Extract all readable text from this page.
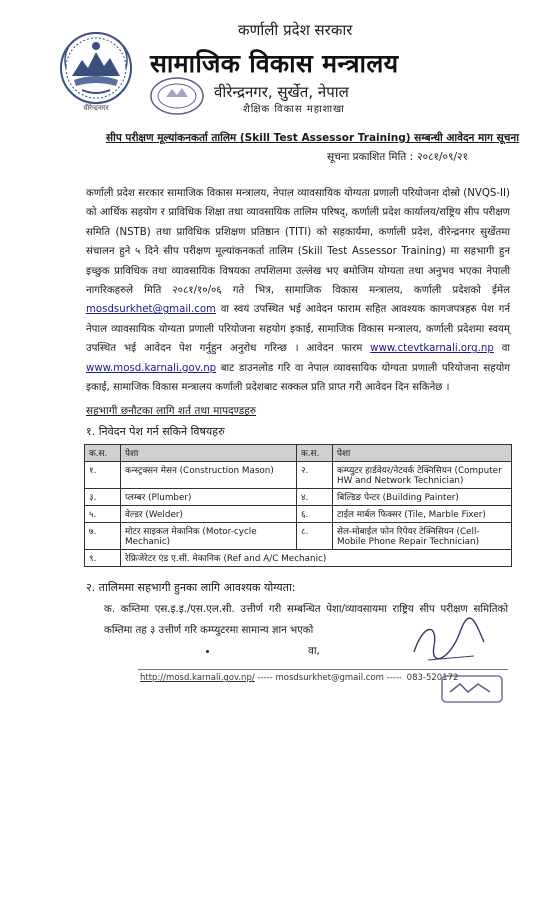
वीरेन्द्रनगर
कर्णाली प्रदेश सरकार
सामाजिक विकास मन्त्रालय
वीरेन्द्रनगर, सुर्खेत, नेपाल
शैक्षिक विकास महाशाखा
सीप परीक्षण मूल्यांकनकर्ता तालिम (Skill Test Assessor Training) सम्बन्धी आवेदन माग सूचना
सूचना प्रकाशित मिति : २०८१/०९/२१
कर्णाली प्रदेश सरकार सामाजिक विकास मन्त्रालय, नेपाल व्यावसायिक योग्यता प्रणाली परियोजना दोस्रो (NVQS-II) को आर्थिक सहयोग र प्राविधिक शिक्षा तथा व्यावसायिक तालिम परिषद्, कर्णाली प्रदेश कार्यालय/राष्ट्रिय सीप परीक्षण समिति (NSTB) तथा प्राविधिक प्रशिक्षण प्रतिष्ठान (TITI) को सहकार्यमा, कर्णाली प्रदेश, वीरेन्द्रनगर सुर्खेतमा संचालन हुने ५ दिने सीप परीक्षण मूल्यांकनकर्ता तालिम (Skill Test Assessor Training) मा सहभागी हुन इच्छुक प्राविधिक तथा व्यावसायिक विषयका तपशिलमा उल्लेख भए बमोजिम योग्यता तथा अनुभव भएका नेपाली नागरिकहरुले मिति २०८१/१०/०६ गते भित्र, सामाजिक विकास मन्त्रालय, कर्णाली प्रदेशको ईमेल mosdsurkhet@gmail.com वा स्वयं उपस्थित भई आवेदन फाराम सहित आवश्यक कागजपत्रहरु पेश गर्न नेपाल व्यावसायिक योग्यता प्रणाली परियोजना सहयोग इकाई, सामाजिक विकास मन्त्रालय, कर्णाली प्रदेशमा स्वयम् उपस्थित भई आवेदन पेश गर्नुहुन अनुरोध गरिन्छ । आवेदन फारम www.ctevtkarnali.org.np वा www.mosd.karnali.gov.np बाट डाउनलोड गरि वा नेपाल व्यावसायिक योग्यता प्रणाली परियोजना सहयोग इकाई, सामाजिक विकास मन्त्रालय कर्णाली प्रदेशबाट सक्कल प्रति प्राप्त गरी आवेदन दिन सकिनेछ ।
सहभागी छनौटका लागि शर्त तथा मापदण्डहरु
१. निवेदन पेश गर्न सकिने विषयहरु
क.स.	पेशा	क.स.	पेशा
१.	कन्स्ट्रक्सन मेसन (Construction Mason)	२.	कम्प्युटर हार्डवेयर/नेटवर्क टेक्निसियन (Computer HW and Network Technician)
३.	प्लम्बर (Plumber)	४.	बिल्डिङ पेन्टर (Building Painter)
५.	वेल्डर (Welder)	६.	टाईल मार्बल फिक्सर (Tile, Marble Fixer)
७.	मोटर साइकल मेकानिक (Motor-cycle Mechanic)	८.	सेल-मोबाईल फोन रिपेयर टेक्निसियन (Cell-Mobile Phone Repair Technician)
९.	रेफ्रिजेरेटर एंड ए.सी. मेकानिक (Ref and A/C Mechanic)		
२. तालिममा सहभागी हुनका लागि आवश्यक योग्यता:
क. कम्तिमा एस.इ.इ./एस.एल.सी. उत्तीर्ण गरी सम्बन्धित पेशा/व्यावसायमा राष्ट्रिय सीप परीक्षण समितिको कम्तिमा तह ३ उत्तीर्ण गरि कम्प्युटरमा सामान्य ज्ञान भएको
वा,
http://mosd.karnali.gov.np/ ----- mosdsurkhet@gmail.com ----- 083-520172
